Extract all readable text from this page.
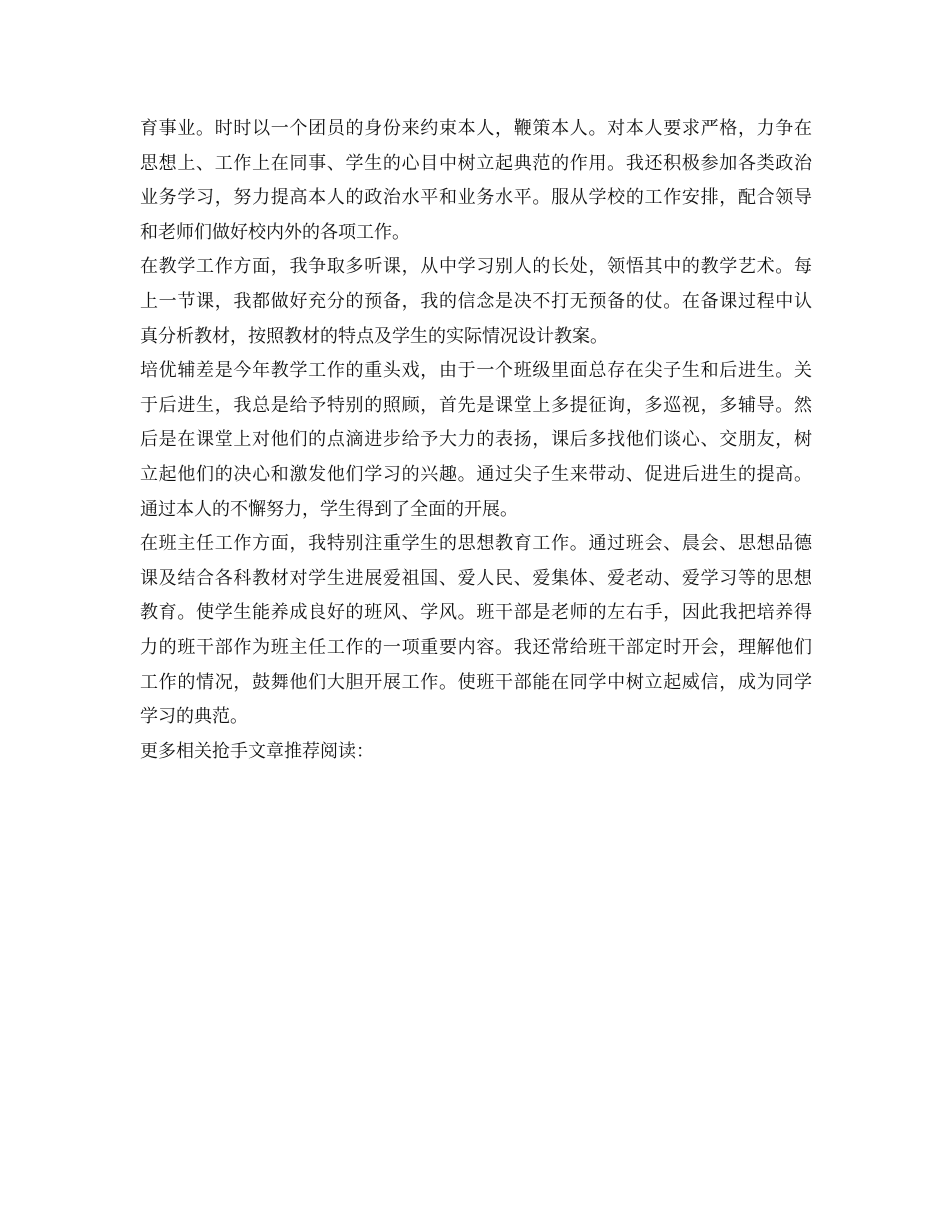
育事业。时时以一个团员的身份来约束本人，鞭策本人。对本人要求严格，力争在
思想上、工作上在同事、学生的心目中树立起典范的作用。我还积极参加各类政治
业务学习，努力提高本人的政治水平和业务水平。服从学校的工作安排，配合领导
和老师们做好校内外的各项工作。
在教学工作方面，我争取多听课，从中学习别人的长处，领悟其中的教学艺术。每
上一节课，我都做好充分的预备，我的信念是决不打无预备的仗。在备课过程中认
真分析教材，按照教材的特点及学生的实际情况设计教案。
培优辅差是今年教学工作的重头戏，由于一个班级里面总存在尖子生和后进生。关
于后进生，我总是给予特别的照顾，首先是课堂上多提征询，多巡视，多辅导。然
后是在课堂上对他们的点滴进步给予大力的表扬，课后多找他们谈心、交朋友，树
立起他们的决心和激发他们学习的兴趣。通过尖子生来带动、促进后进生的提高。
通过本人的不懈努力，学生得到了全面的开展。
在班主任工作方面，我特别注重学生的思想教育工作。通过班会、晨会、思想品德
课及结合各科教材对学生进展爱祖国、爱人民、爱集体、爱老动、爱学习等的思想
教育。使学生能养成良好的班风、学风。班干部是老师的左右手，因此我把培养得
力的班干部作为班主任工作的一项重要内容。我还常给班干部定时开会，理解他们
工作的情况，鼓舞他们大胆开展工作。使班干部能在同学中树立起威信，成为同学
学习的典范。
更多相关抢手文章推荐阅读：
